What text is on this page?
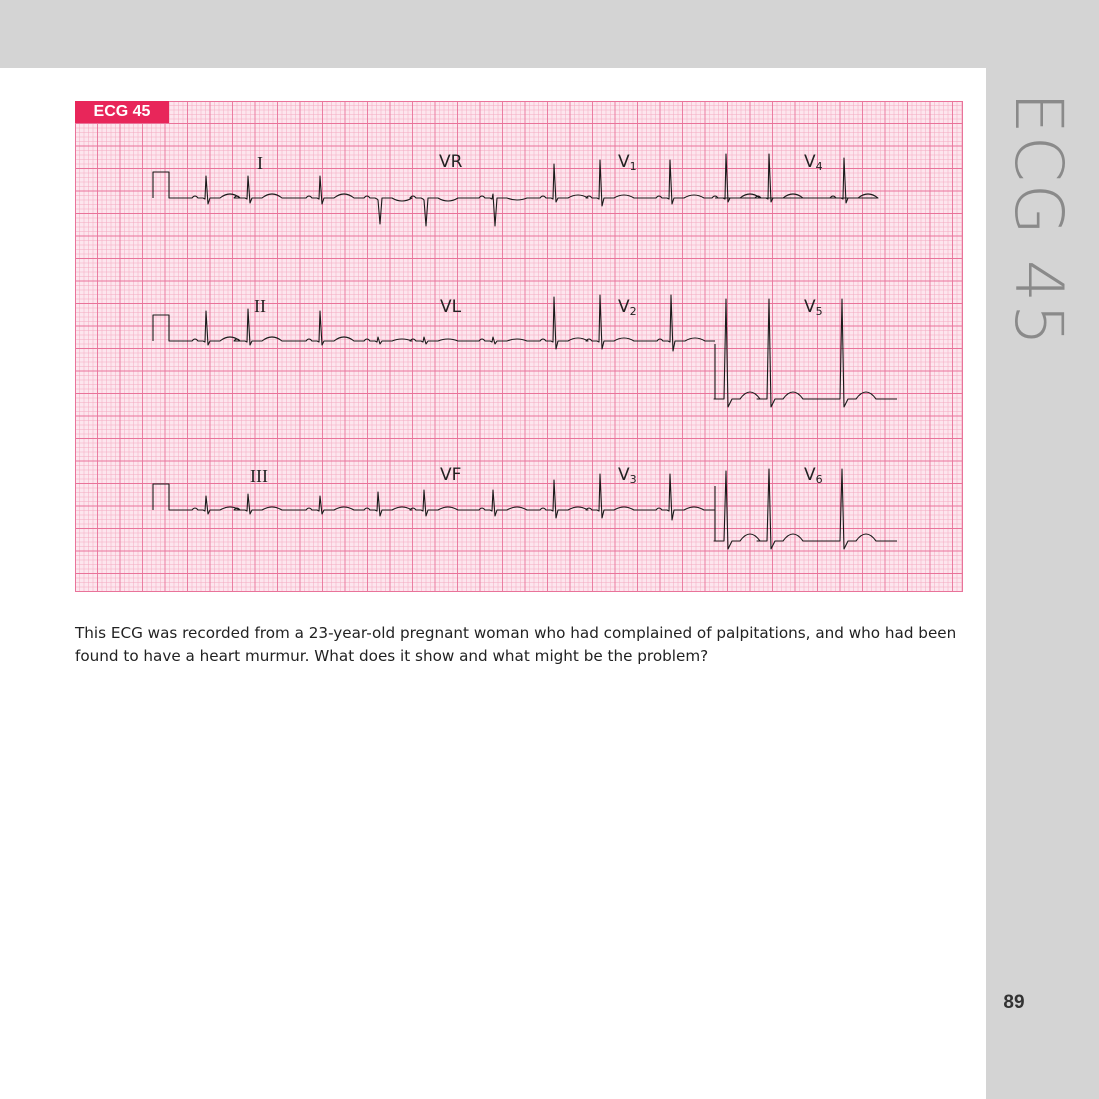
ECG 45
89
ECG 45
I	VR	$V_1$	$V_4$
II	VL	$V_2$	$V_5$
III	VF	$V_3$	$V_6$
This ECG was recorded from a 23-year-old pregnant woman who had complained of palpitations, and who had been found to have a heart murmur. What does it show and what might be the problem?
